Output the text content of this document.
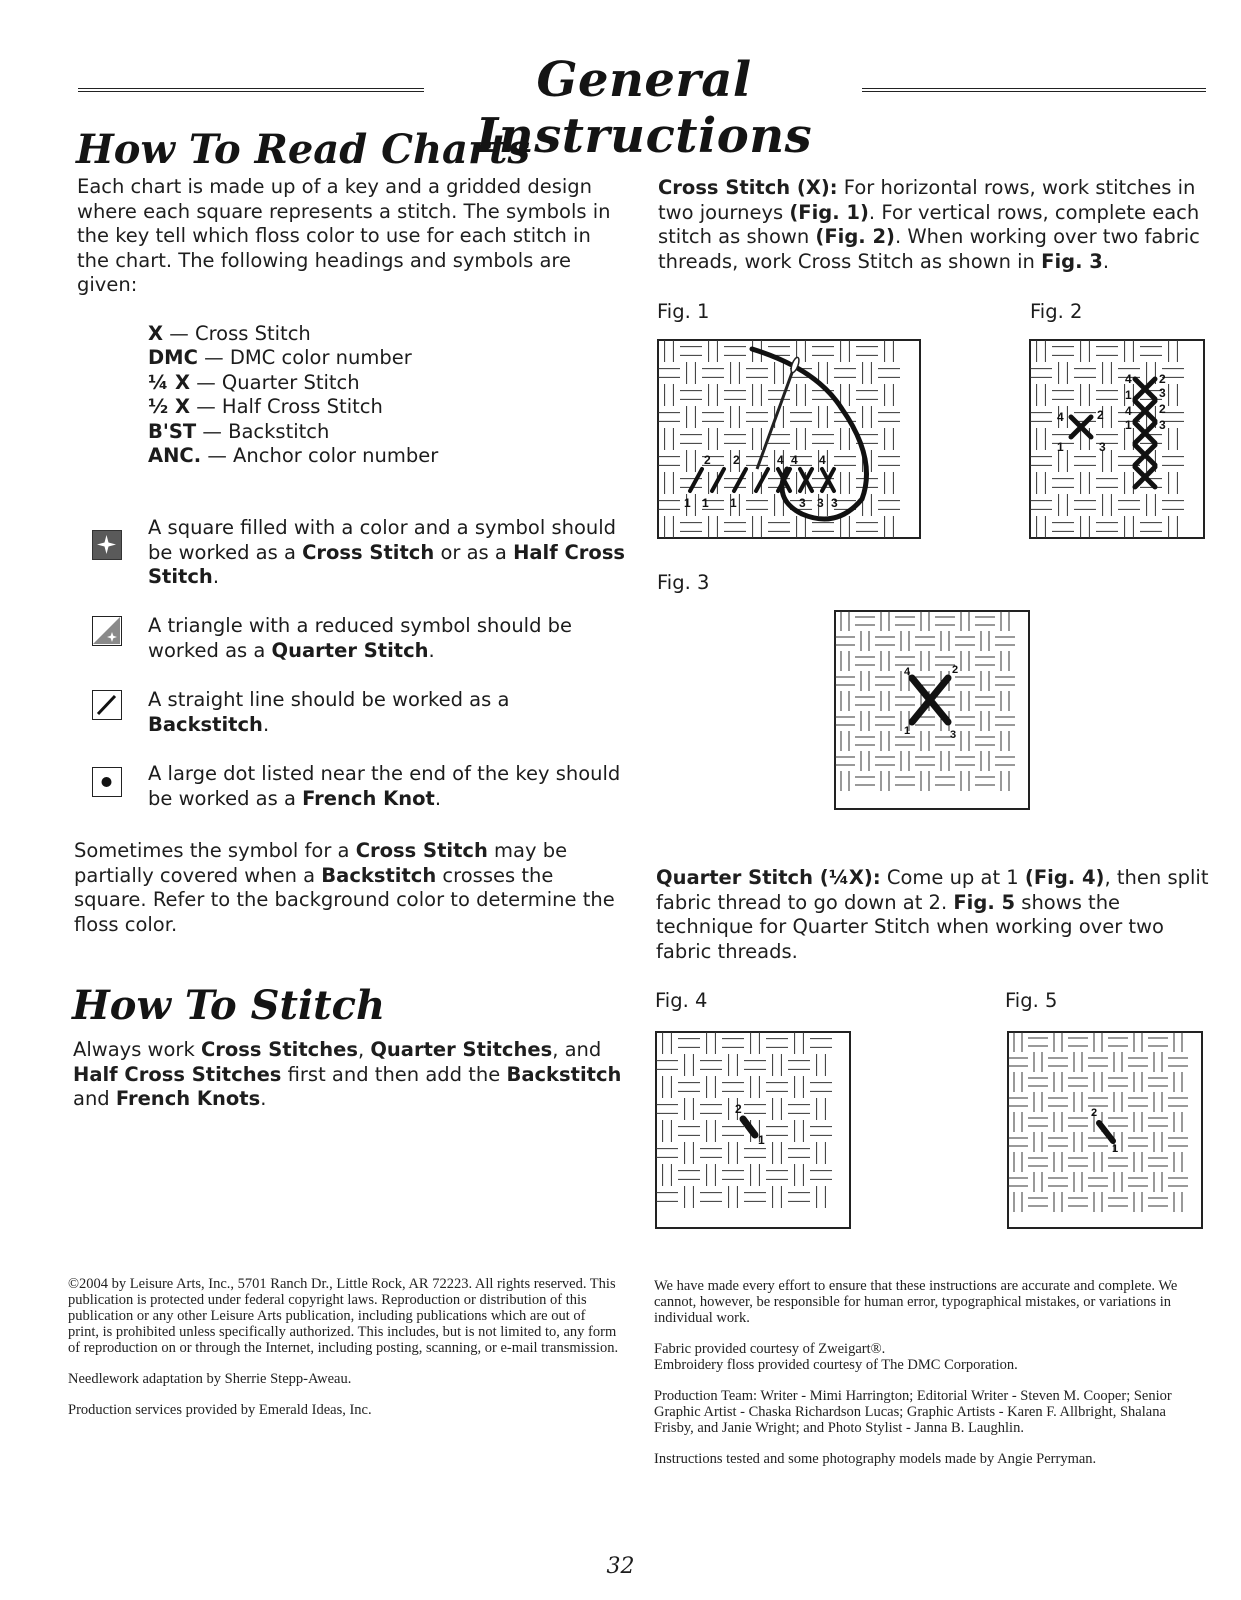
General Instructions
How To Read Charts
Each chart is made up of a key and a gridded design where each square represents a stitch. The symbols in the key tell which floss color to use for each stitch in the chart. The following headings and symbols are given:
X — Cross Stitch
DMC — DMC color number
¼ X — Quarter Stitch
½ X — Half Cross Stitch
B'ST — Backstitch
ANC. — Anchor color number
A square filled with a color and a symbol should be worked as a Cross Stitch or as a Half Cross Stitch.
A triangle with a reduced symbol should be worked as a Quarter Stitch.
A straight line should be worked as a Backstitch.
A large dot listed near the end of the key should be worked as a French Knot.
Sometimes the symbol for a Cross Stitch may be partially covered when a Backstitch crosses the square. Refer to the background color to determine the floss color.
How To Stitch
Always work Cross Stitches, Quarter Stitches, and Half Cross Stitches first and then add the Backstitch and French Knots.
Cross Stitch (X): For horizontal rows, work stitches in two journeys (Fig. 1). For vertical rows, complete each stitch as shown (Fig. 2). When working over two fabric threads, work Cross Stitch as shown in Fig. 3.
Fig. 1	Fig. 2
Fig. 3
2 2	4 4 4
1 1 1	3 3 3
4
1
4
1
2
3
2
3
4
1
2
3
4	2
1	3
Quarter Stitch (¼X): Come up at 1 (Fig. 4), then split fabric thread to go down at 2. Fig. 5 shows the technique for Quarter Stitch when working over two fabric threads.
Fig. 4	Fig. 5
2
1
2
1

©2004 by Leisure Arts, Inc., 5701 Ranch Dr., Little Rock, AR 72223. All rights reserved. This publication is protected under federal copyright laws. Reproduction or distribution of this publication or any other Leisure Arts publication, including publications which are out of print, is prohibited unless specifically authorized. This includes, but is not limited to, any form of reproduction on or through the Internet, including posting, scanning, or e-mail transmission.

Needlework adaptation by Sherrie Stepp-Aweau.

Production services provided by Emerald Ideas, Inc.

We have made every effort to ensure that these instructions are accurate and complete. We cannot, however, be responsible for human error, typographical mistakes, or variations in individual work.

Fabric provided courtesy of Zweigart®.

Embroidery floss provided courtesy of The DMC Corporation.

Production Team: Writer - Mimi Harrington; Editorial Writer - Steven M. Cooper; Senior Graphic Artist - Chaska Richardson Lucas; Graphic Artists - Karen F. Allbright, Shalana Frisby, and Janie Wright; and Photo Stylist - Janna B. Laughlin.

Instructions tested and some photography models made by Angie Perryman.

32
